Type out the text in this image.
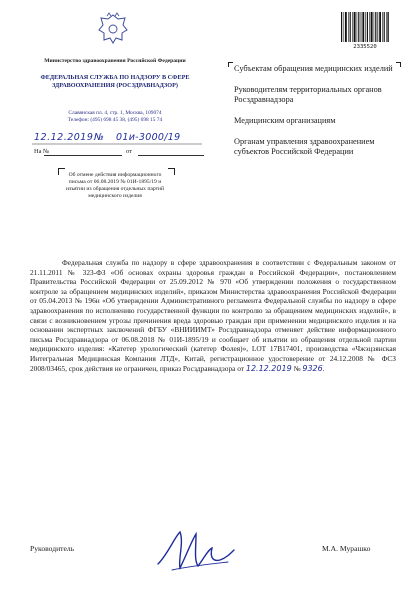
Министерство здравоохранения Российской Федерации
ФЕДЕРАЛЬНАЯ СЛУЖБА ПО НАДЗОРУ В СФЕРЕ ЗДРАВООХРАНЕНИЯ (РОСЗДРАВНАДЗОР)
Славянская пл. 4, стр. 1, Москва, 109074
Телефон: (495) 698 45 38, (495) 698 15 74
12.12.2019 № 01и-3000/19
На №	от
Об отмене действия информационного письма от 06.08.2019 № 01И-1895/19 и изъятии из обращения отдельных партий медицинского изделия
2335520
Субъектам обращения медицинских изделий
Руководителям территориальных органов Росздравнадзора
Медицинским организациям
Органам управления здравоохранением субъектов Российской Федерации

Федеральная служба по надзору в сфере здравоохранения в соответствии с Федеральным законом от 21.11.2011 № 323-ФЗ «Об основах охраны здоровья граждан в Российской Федерации», постановлением Правительства Российской Федерации от 25.09.2012 № 970 «Об утверждении положения о государственном контроле за обращением медицинских изделий», приказом Министерства здравоохранения Российской Федерации от 05.04.2013 № 196н «Об утверждении Административного регламента Федеральной службы по надзору в сфере здравоохранения по исполнению государственной функции по контролю за обращением медицинских изделий», в связи с возникновением угрозы причинения вреда здоровью граждан при применении медицинского изделия и на основании экспертных заключений ФГБУ «ВНИИИМТ» Росздравнадзора отменяет действие информационного письма Росздравнадзора от 06.08.2018 № 01И-1895/19 и сообщает об изъятии из обращения отдельной партии медицинского изделия: «Катетер урологический (катетер Фолея)», LOT 17B17401, производства «Чжэцзянская Интегральная Медицинская Компания ЛТД», Китай, регистрационное удостоверение от 24.12.2008 № ФСЗ 2008/03465, срок действия не ограничен, приказ Росздравнадзора от 12.12.2019 № 9326.

Руководитель	М.А. Мурашко
